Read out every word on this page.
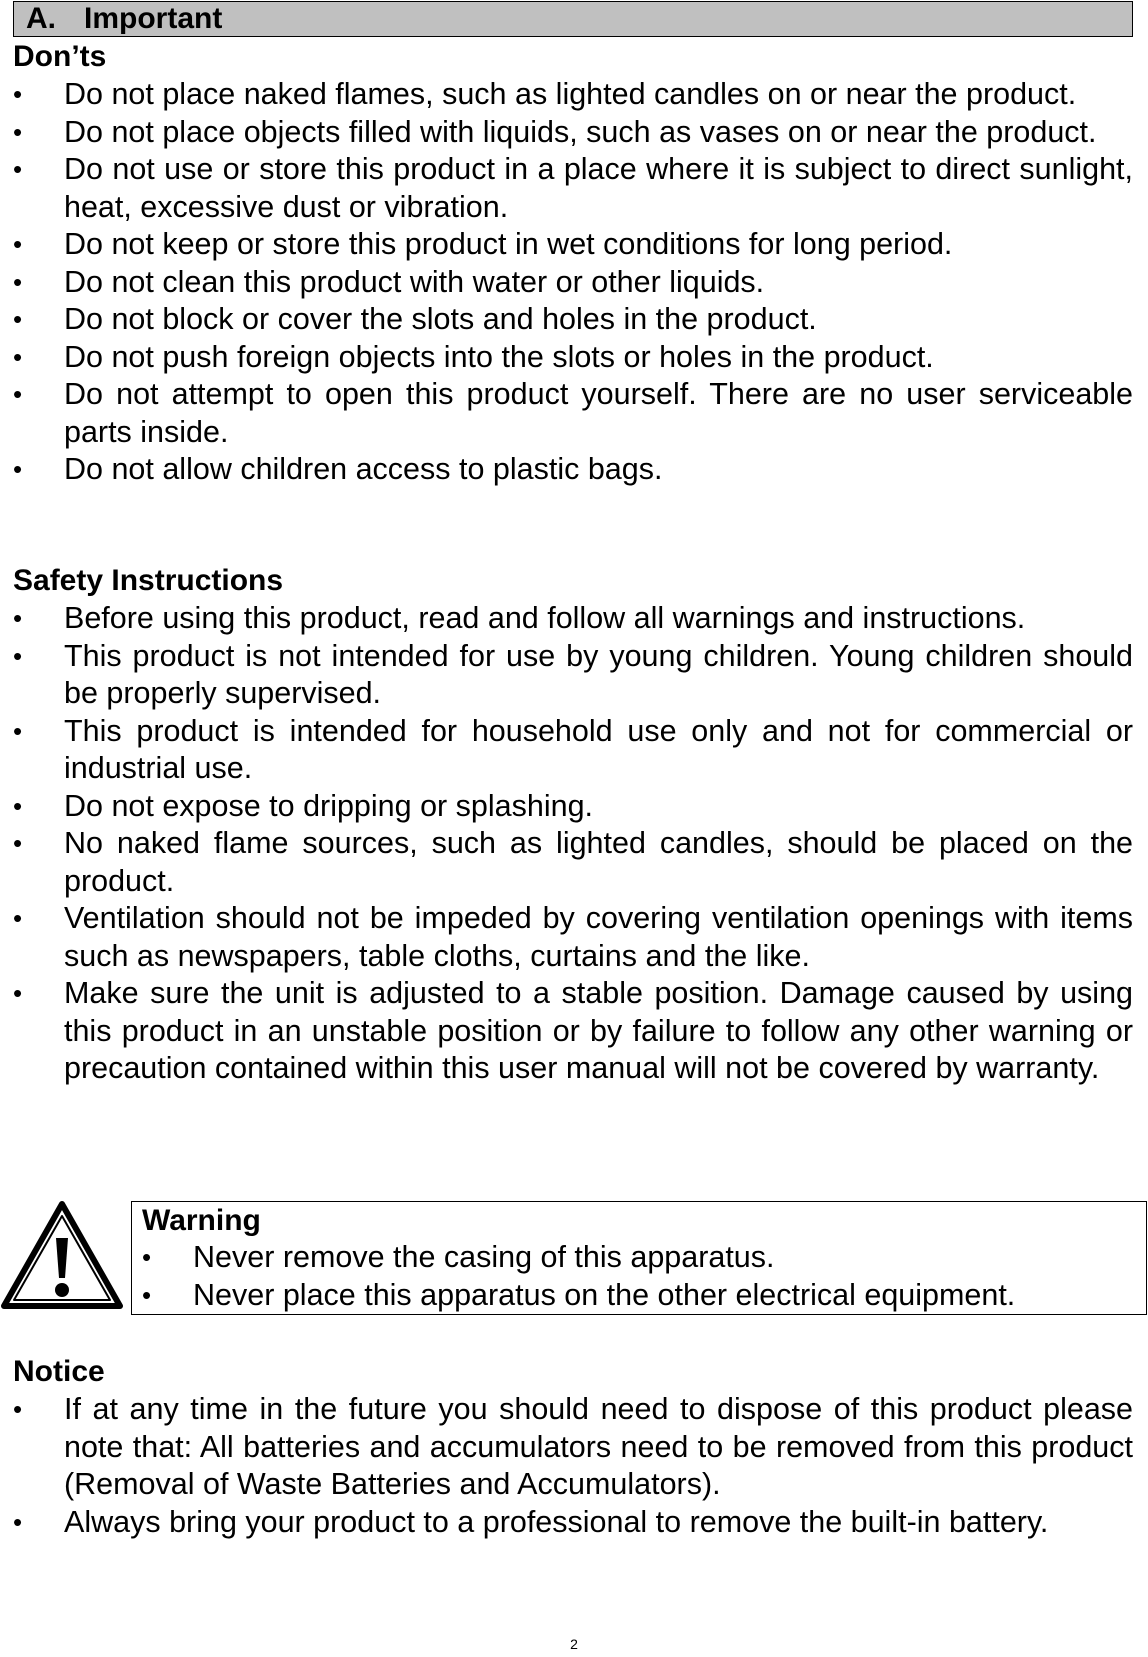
A. Important
Don’ts
•	Do not place naked flames, such as lighted candles on or near the product.
•	Do not place objects filled with liquids, such as vases on or near the product.
•	Do not use or store this product in a place where it is subject to direct sunlight, heat, excessive dust or vibration.
•	Do not keep or store this product in wet conditions for long period.
•	Do not clean this product with water or other liquids.
•	Do not block or cover the slots and holes in the product.
•	Do not push foreign objects into the slots or holes in the product.
•	Do not attempt to open this product yourself. There are no user serviceable parts inside.
•	Do not allow children access to plastic bags.
Safety Instructions
•	Before using this product, read and follow all warnings and instructions.
•	This product is not intended for use by young children. Young children should be properly supervised.
•	This product is intended for household use only and not for commercial or industrial use.
•	Do not expose to dripping or splashing.
•	No naked flame sources, such as lighted candles, should be placed on the product.
•	Ventilation should not be impeded by covering ventilation openings with items such as newspapers, table cloths, curtains and the like.
•	Make sure the unit is adjusted to a stable position. Damage caused by using this product in an unstable position or by failure to follow any other warning or precaution contained within this user manual will not be covered by warranty.
Warning
•	Never remove the casing of this apparatus.
•	Never place this apparatus on the other electrical equipment.
Notice
•	If at any time in the future you should need to dispose of this product please note that: All batteries and accumulators need to be removed from this product (Removal of Waste Batteries and Accumulators).
•	Always bring your product to a professional to remove the built-in battery.
2
